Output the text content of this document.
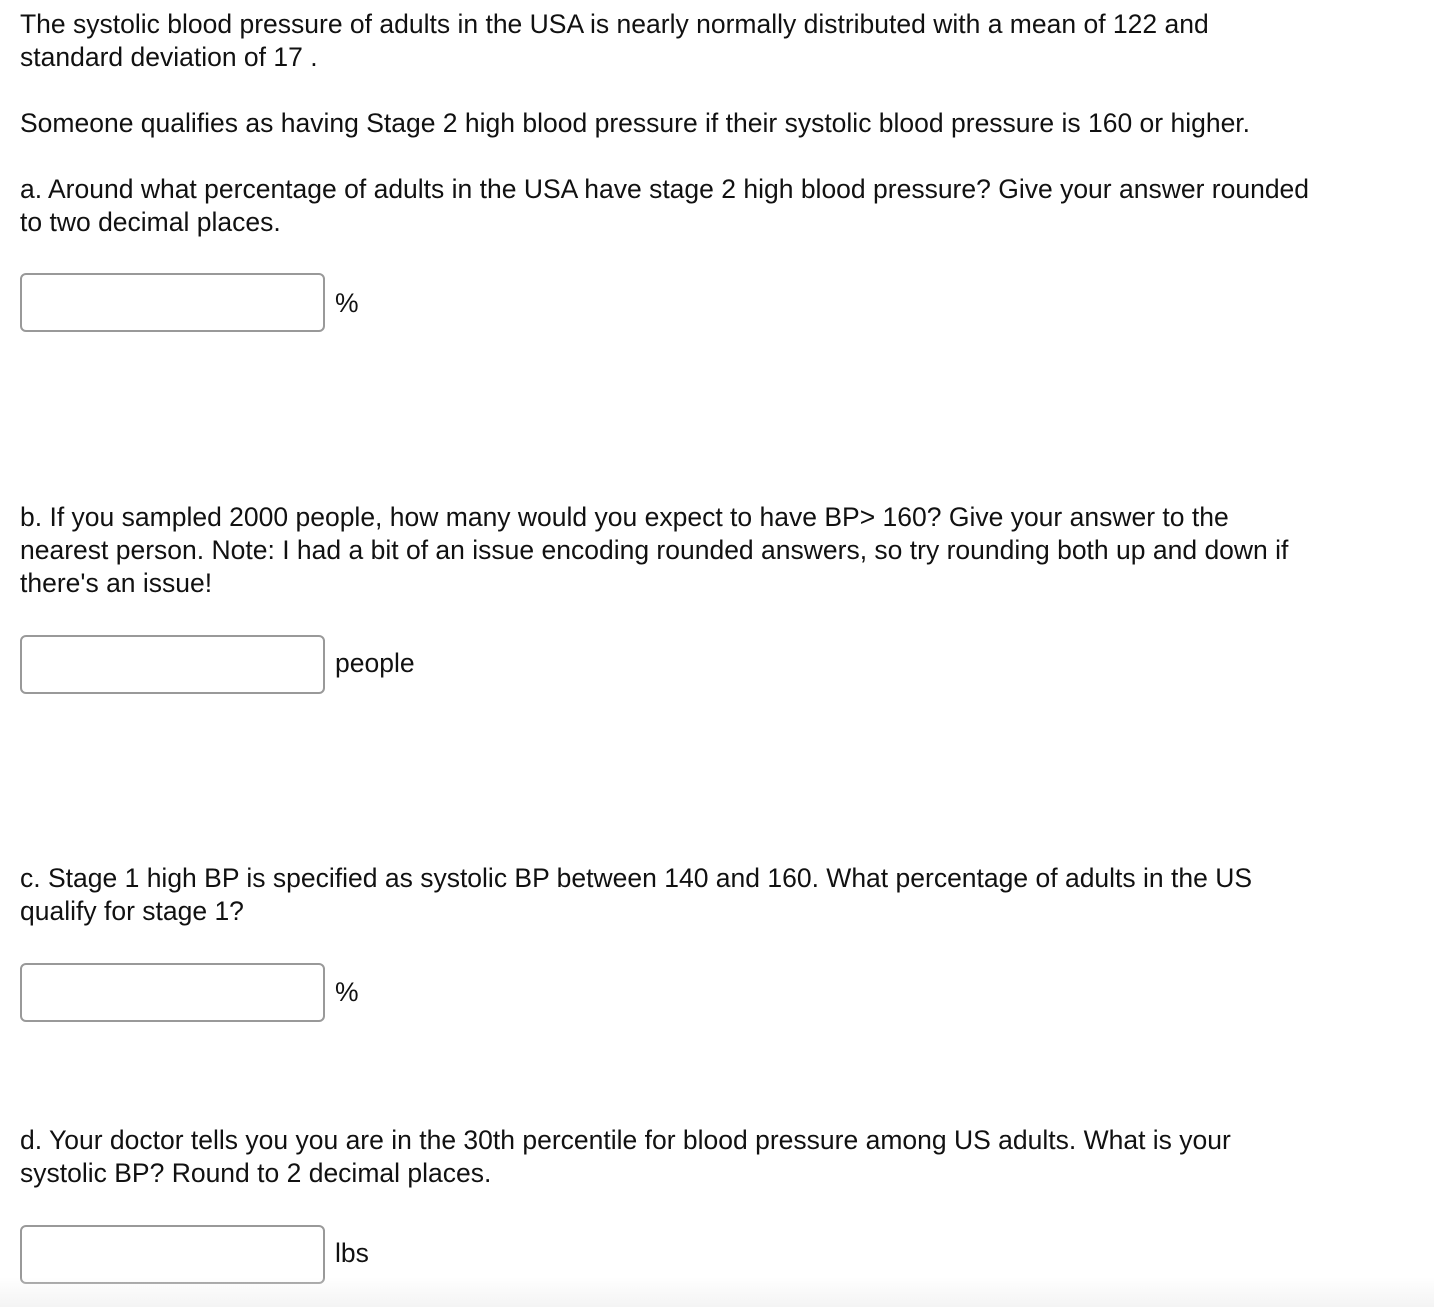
The systolic blood pressure of adults in the USA is nearly normally distributed with a mean of 122 and
standard deviation of 17 .
Someone qualifies as having Stage 2 high blood pressure if their systolic blood pressure is 160 or higher.
a. Around what percentage of adults in the USA have stage 2 high blood pressure? Give your answer rounded
to two decimal places.
%
b. If you sampled 2000 people, how many would you expect to have BP> 160? Give your answer to the
nearest person. Note: I had a bit of an issue encoding rounded answers, so try rounding both up and down if
there's an issue!
people
c. Stage 1 high BP is specified as systolic BP between 140 and 160. What percentage of adults in the US
qualify for stage 1?
%
d. Your doctor tells you you are in the 30th percentile for blood pressure among US adults. What is your
systolic BP? Round to 2 decimal places.
lbs
